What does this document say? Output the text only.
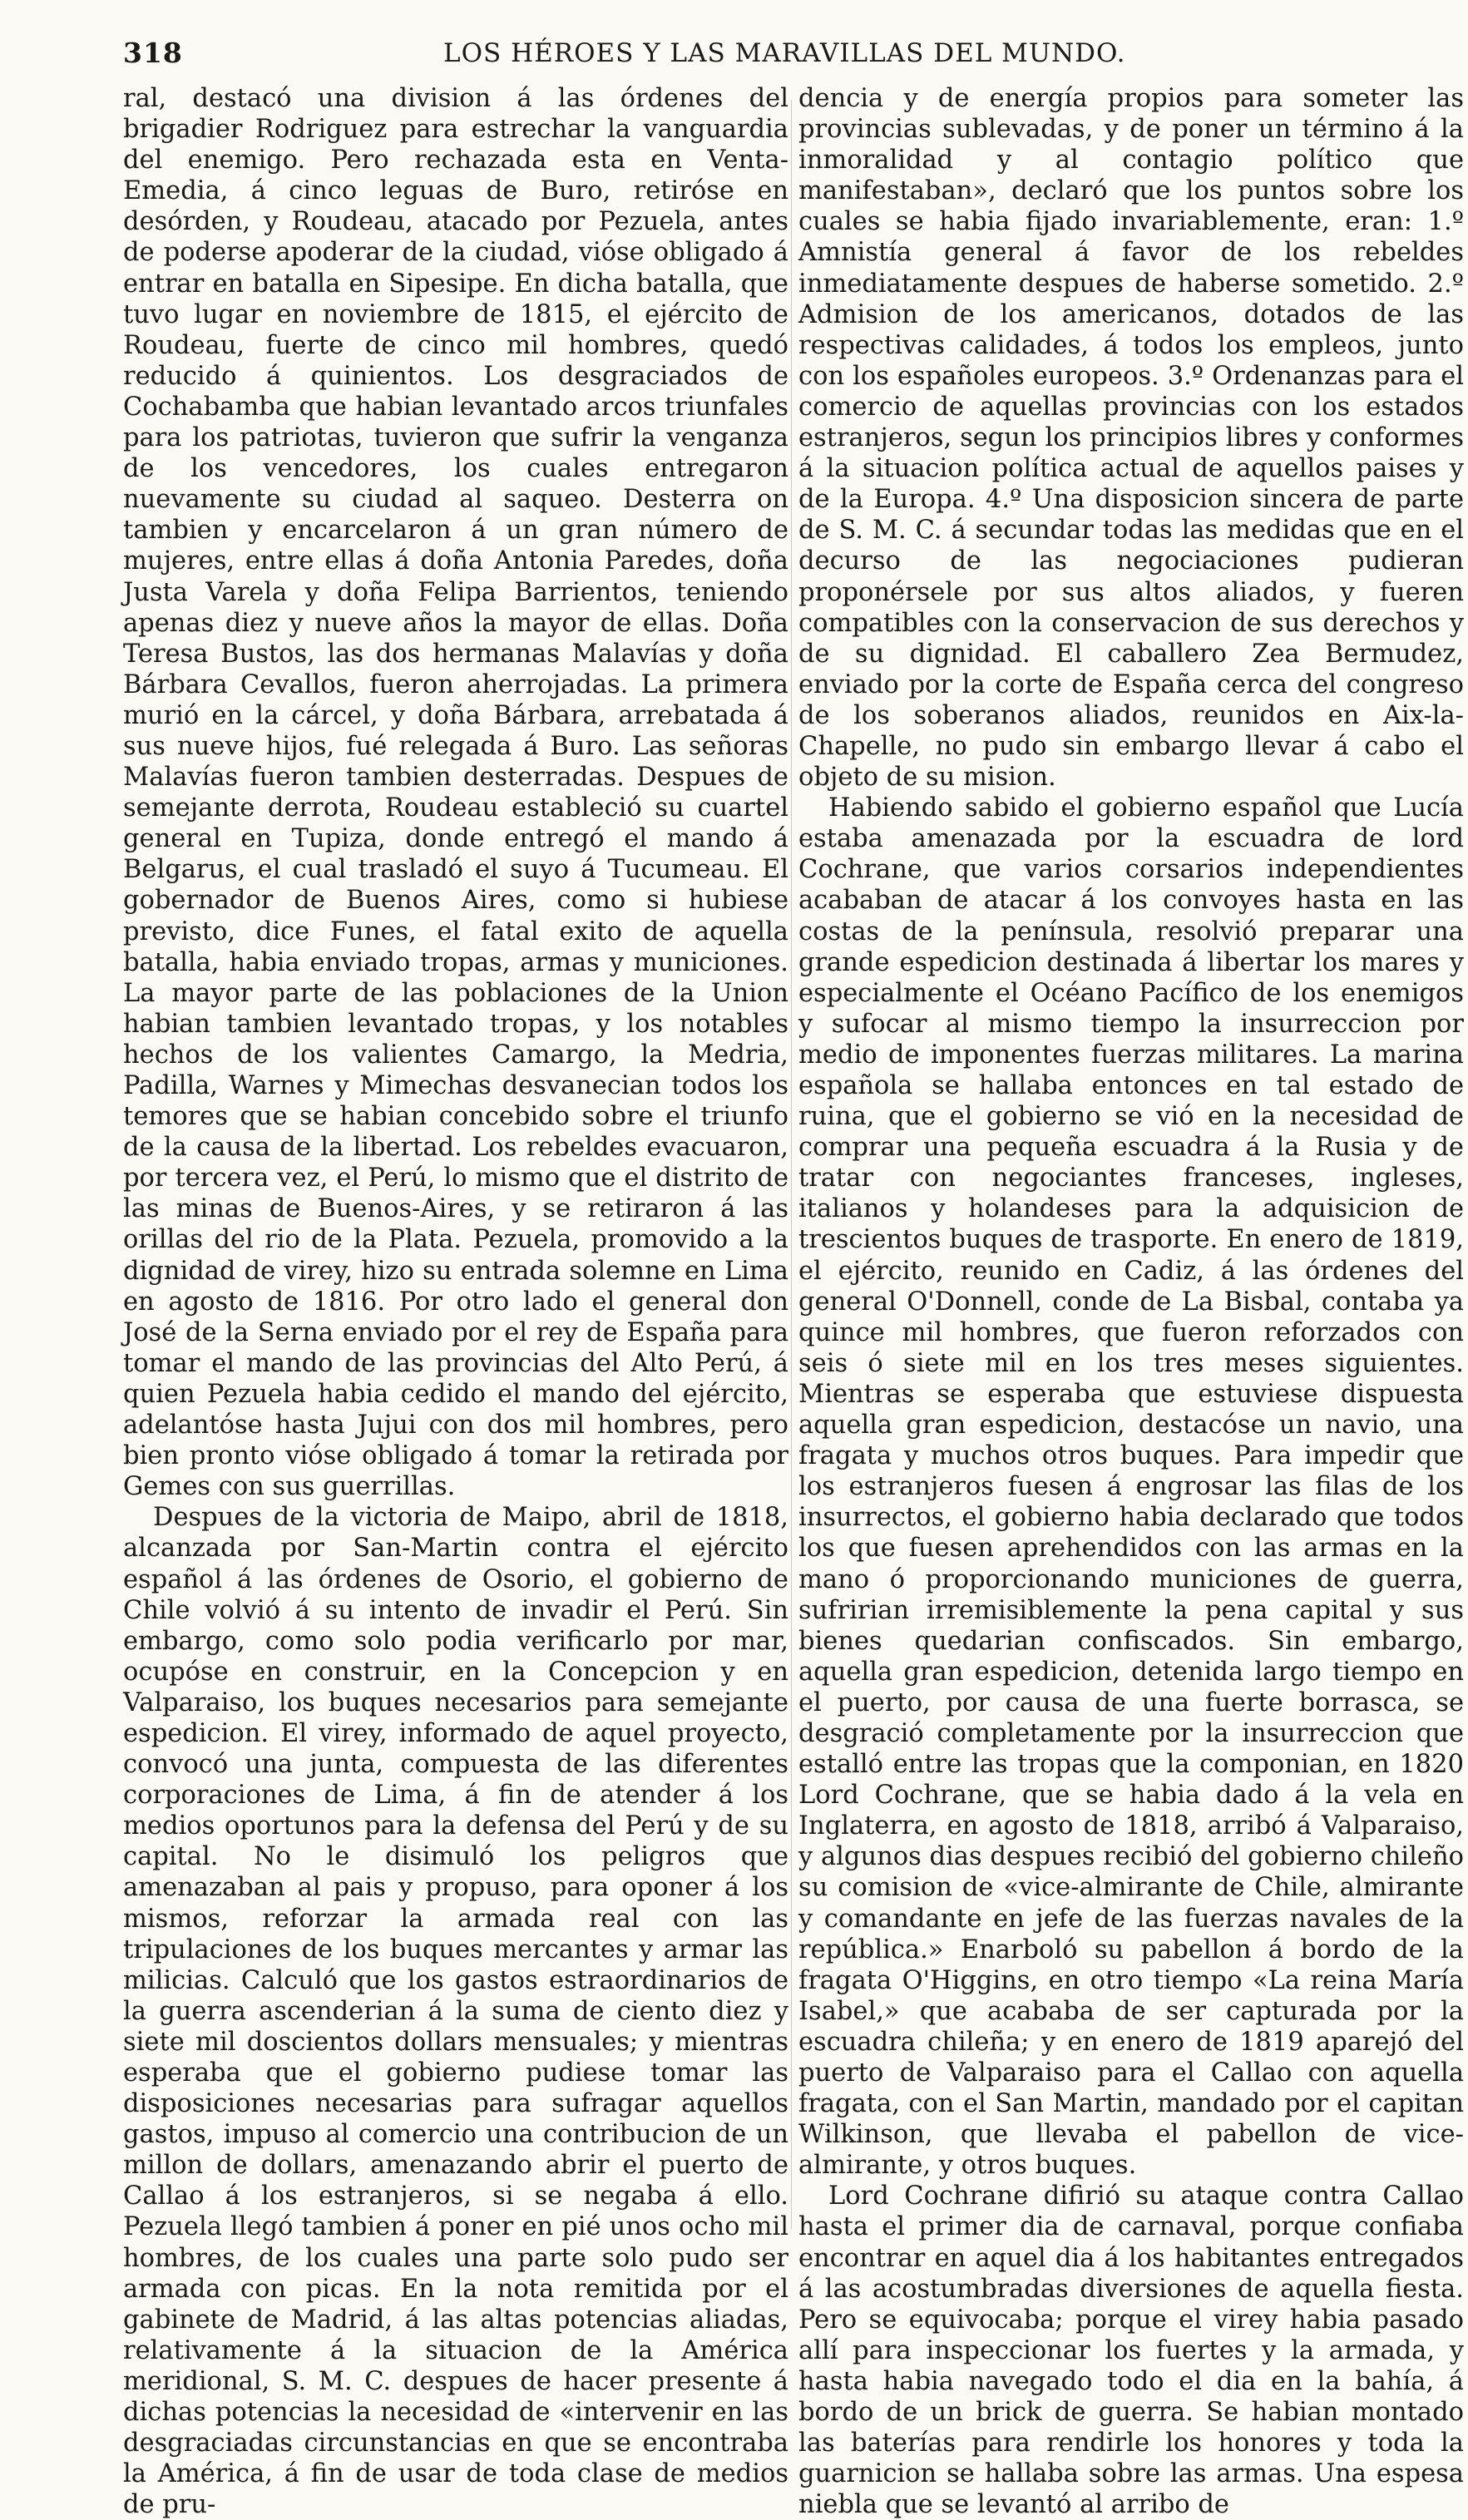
318	LOS HÉROES Y LAS MARAVILLAS DEL MUNDO.

ral, destacó una division á las órdenes del brigadier Rodriguez para estrechar la vanguardia del enemigo. Pero rechazada esta en Venta-Emedia, á cinco leguas de Buro, retiróse en desórden, y Roudeau, atacado por Pezuela, antes de poderse apoderar de la ciudad, vióse obligado á entrar en batalla en Sipesipe. En dicha batalla, que tuvo lugar en noviembre de 1815, el ejército de Roudeau, fuerte de cinco mil hombres, quedó reducido á quinientos. Los desgraciados de Cochabamba que habian levantado arcos triunfales para los patriotas, tuvieron que sufrir la venganza de los vencedores, los cuales entregaron nuevamente su ciudad al saqueo. Desterra on tambien y encarcelaron á un gran número de mujeres, entre ellas á doña Antonia Paredes, doña Justa Varela y doña Felipa Barrientos, teniendo apenas diez y nueve años la mayor de ellas. Doña Teresa Bustos, las dos hermanas Malavías y doña Bárbara Cevallos, fueron aherrojadas. La primera murió en la cárcel, y doña Bárbara, arrebatada á sus nueve hijos, fué relegada á Buro. Las señoras Malavías fueron tambien desterradas. Despues de semejante derrota, Roudeau estableció su cuartel general en Tupiza, donde entregó el mando á Belgarus, el cual trasladó el suyo á Tucumeau. El gobernador de Buenos Aires, como si hubiese previsto, dice Funes, el fatal exito de aquella batalla, habia enviado tropas, armas y municiones. La mayor parte de las poblaciones de la Union habian tambien levantado tropas, y los notables hechos de los valientes Camargo, la Medria, Padilla, Warnes y Mimechas desvanecian todos los temores que se habian concebido sobre el triunfo de la causa de la libertad. Los rebeldes evacuaron, por tercera vez, el Perú, lo mismo que el distrito de las minas de Buenos-Aires, y se retiraron á las orillas del rio de la Plata. Pezuela, promovido a la dignidad de virey, hizo su entrada solemne en Lima en agosto de 1816. Por otro lado el general don José de la Serna enviado por el rey de España para tomar el mando de las provincias del Alto Perú, á quien Pezuela habia cedido el mando del ejército, adelantóse hasta Jujui con dos mil hombres, pero bien pronto vióse obligado á tomar la retirada por Gemes con sus guerrillas.

Despues de la victoria de Maipo, abril de 1818, alcanzada por San-Martin contra el ejército español á las órdenes de Osorio, el gobierno de Chile volvió á su intento de invadir el Perú. Sin embargo, como solo podia verificarlo por mar, ocupóse en construir, en la Concepcion y en Valparaiso, los buques necesarios para semejante espedicion. El virey, informado de aquel proyecto, convocó una junta, compuesta de las diferentes corporaciones de Lima, á fin de atender á los medios oportunos para la defensa del Perú y de su capital. No le disimuló los peligros que amenazaban al pais y propuso, para oponer á los mismos, reforzar la armada real con las tripulaciones de los buques mercantes y armar las milicias. Calculó que los gastos estraordinarios de la guerra ascenderian á la suma de ciento diez y siete mil doscientos dollars mensuales; y mientras esperaba que el gobierno pudiese tomar las disposiciones necesarias para sufragar aquellos gastos, impuso al comercio una contribucion de un millon de dollars, amenazando abrir el puerto de Callao á los estranjeros, si se negaba á ello. Pezuela llegó tambien á poner en pié unos ocho mil hombres, de los cuales una parte solo pudo ser armada con picas. En la nota remitida por el gabinete de Madrid, á las altas potencias aliadas, relativamente á la situacion de la América meridional, S. M. C. despues de hacer presente á dichas potencias la necesidad de «intervenir en las desgraciadas circunstancias en que se encontraba la América, á fin de usar de toda clase de medios de pru-

dencia y de energía propios para someter las provincias sublevadas, y de poner un término á la inmoralidad y al contagio político que manifestaban», declaró que los puntos sobre los cuales se habia fijado invariablemente, eran: 1.º Amnistía general á favor de los rebeldes inmediatamente despues de haberse sometido. 2.º Admision de los americanos, dotados de las respectivas calidades, á todos los empleos, junto con los españoles europeos. 3.º Ordenanzas para el comercio de aquellas provincias con los estados estranjeros, segun los principios libres y conformes á la situacion política actual de aquellos paises y de la Europa. 4.º Una disposicion sincera de parte de S. M. C. á secundar todas las medidas que en el decurso de las negociaciones pudieran proponérsele por sus altos aliados, y fueren compatibles con la conservacion de sus derechos y de su dignidad. El caballero Zea Bermudez, enviado por la corte de España cerca del congreso de los soberanos aliados, reunidos en Aix-la-Chapelle, no pudo sin embargo llevar á cabo el objeto de su mision.

Habiendo sabido el gobierno español que Lucía estaba amenazada por la escuadra de lord Cochrane, que varios corsarios independientes acababan de atacar á los convoyes hasta en las costas de la península, resolvió preparar una grande espedicion destinada á libertar los mares y especialmente el Océano Pacífico de los enemigos y sufocar al mismo tiempo la insurreccion por medio de imponentes fuerzas militares. La marina española se hallaba entonces en tal estado de ruina, que el gobierno se vió en la necesidad de comprar una pequeña escuadra á la Rusia y de tratar con negociantes franceses, ingleses, italianos y holandeses para la adquisicion de trescientos buques de trasporte. En enero de 1819, el ejército, reunido en Cadiz, á las órdenes del general O'Donnell, conde de La Bisbal, contaba ya quince mil hombres, que fueron reforzados con seis ó siete mil en los tres meses siguientes. Mientras se esperaba que estuviese dispuesta aquella gran espedicion, destacóse un navio, una fragata y muchos otros buques. Para impedir que los estranjeros fuesen á engrosar las filas de los insurrectos, el gobierno habia declarado que todos los que fuesen aprehendidos con las armas en la mano ó proporcionando municiones de guerra, sufririan irremisiblemente la pena capital y sus bienes quedarian confiscados. Sin embargo, aquella gran espedicion, detenida largo tiempo en el puerto, por causa de una fuerte borrasca, se desgració completamente por la insurreccion que estalló entre las tropas que la componian, en 1820 Lord Cochrane, que se habia dado á la vela en Inglaterra, en agosto de 1818, arribó á Valparaiso, y algunos dias despues recibió del gobierno chileño su comision de «vice-almirante de Chile, almirante y comandante en jefe de las fuerzas navales de la república.» Enarboló su pabellon á bordo de la fragata O'Higgins, en otro tiempo «La reina María Isabel,» que acababa de ser capturada por la escuadra chileña; y en enero de 1819 aparejó del puerto de Valparaiso para el Callao con aquella fragata, con el San Martin, mandado por el capitan Wilkinson, que llevaba el pabellon de vice-almirante, y otros buques.

Lord Cochrane difirió su ataque contra Callao hasta el primer dia de carnaval, porque confiaba encontrar en aquel dia á los habitantes entregados á las acostumbradas diversiones de aquella fiesta. Pero se equivocaba; porque el virey habia pasado allí para inspeccionar los fuertes y la armada, y hasta habia navegado todo el dia en la bahía, á bordo de un brick de guerra. Se habian montado las baterías para rendirle los honores y toda la guarnicion se hallaba sobre las armas. Una espesa niebla que se levantó al arribo de
